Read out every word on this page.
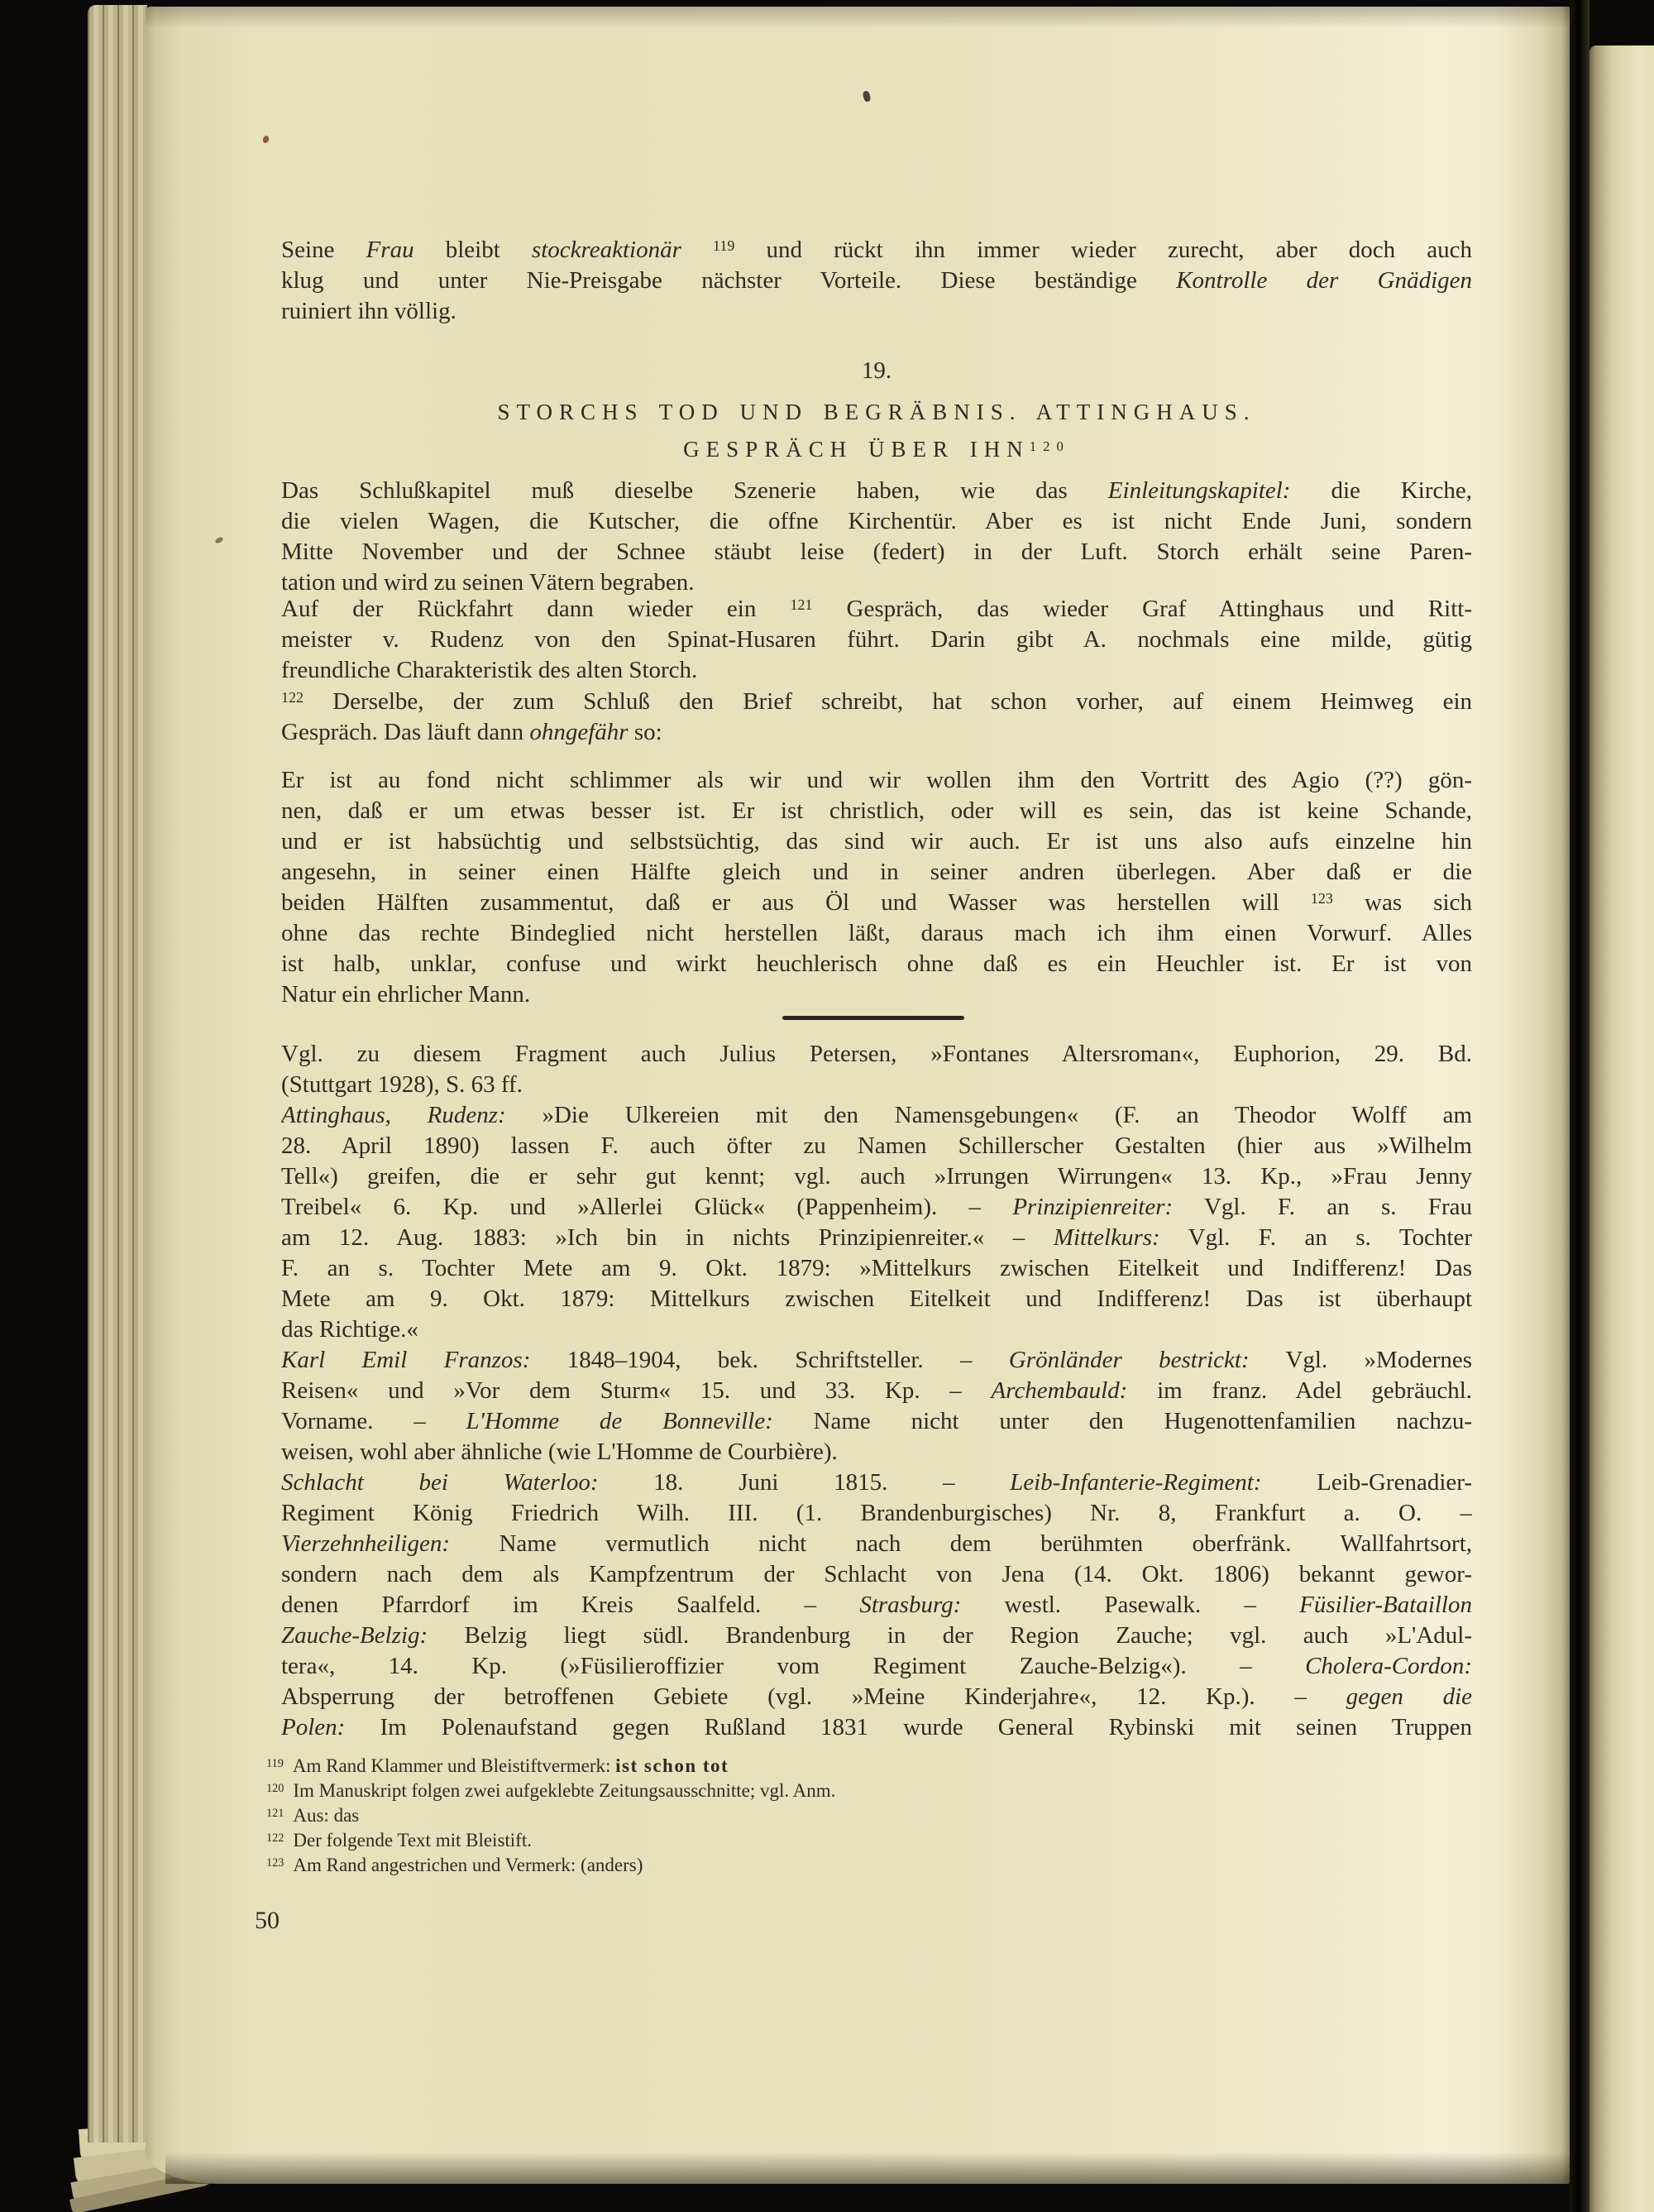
Seine Frau bleibt stockreaktionär $^{119}$ und rückt ihn immer wieder zurecht, aber doch auch
klug und unter Nie-Preisgabe nächster Vorteile. Diese beständige Kontrolle der Gnädigen
ruiniert ihn völlig.
19.
STORCHS TOD UND BEGRÄBNIS. ATTINGHAUS.
GESPRÄCH ÜBER IHN$^{120}$
Das Schlußkapitel muß dieselbe Szenerie haben, wie das Einleitungskapitel: die Kirche,
die vielen Wagen, die Kutscher, die offne Kirchentür. Aber es ist nicht Ende Juni, sondern
Mitte November und der Schnee stäubt leise (federt) in der Luft. Storch erhält seine Paren-
tation und wird zu seinen Vätern begraben.
Auf der Rückfahrt dann wieder ein $^{121}$ Gespräch, das wieder Graf Attinghaus und Ritt-
meister v. Rudenz von den Spinat-Husaren führt. Darin gibt A. nochmals eine milde, gütig
freundliche Charakteristik des alten Storch.
$^{122}$ Derselbe, der zum Schluß den Brief schreibt, hat schon vorher, auf einem Heimweg ein
Gespräch. Das läuft dann ohngefähr so:
Er ist au fond nicht schlimmer als wir und wir wollen ihm den Vortritt des Agio (??) gön-
nen, daß er um etwas besser ist. Er ist christlich, oder will es sein, das ist keine Schande,
und er ist habsüchtig und selbstsüchtig, das sind wir auch. Er ist uns also aufs einzelne hin
angesehn, in seiner einen Hälfte gleich und in seiner andren überlegen. Aber daß er die
beiden Hälften zusammentut, daß er aus Öl und Wasser was herstellen will $^{123}$ was sich
ohne das rechte Bindeglied nicht herstellen läßt, daraus mach ich ihm einen Vorwurf. Alles
ist halb, unklar, confuse und wirkt heuchlerisch ohne daß es ein Heuchler ist. Er ist von
Natur ein ehrlicher Mann.
Vgl. zu diesem Fragment auch Julius Petersen, »Fontanes Altersroman«, Euphorion, 29. Bd.
(Stuttgart 1928), S. 63 ff.
Attinghaus, Rudenz: »Die Ulkereien mit den Namensgebungen« (F. an Theodor Wolff am
28. April 1890) lassen F. auch öfter zu Namen Schillerscher Gestalten (hier aus »Wilhelm
Tell«) greifen, die er sehr gut kennt; vgl. auch »Irrungen Wirrungen« 13. Kp., »Frau Jenny
Treibel« 6. Kp. und »Allerlei Glück« (Pappenheim). – Prinzipienreiter: Vgl. F. an s. Frau
am 12. Aug. 1883: »Ich bin in nichts Prinzipienreiter.« – Mittelkurs: Vgl. F. an s. Tochter
F. an s. Tochter Mete am 9. Okt. 1879: »Mittelkurs zwischen Eitelkeit und Indifferenz! Das
Mete am 9. Okt. 1879: Mittelkurs zwischen Eitelkeit und Indifferenz! Das ist überhaupt
das Richtige.«
Karl Emil Franzos: 1848–1904, bek. Schriftsteller. – Grönländer bestrickt: Vgl. »Modernes
Reisen« und »Vor dem Sturm« 15. und 33. Kp. – Archembauld: im franz. Adel gebräuchl.
Vorname. – L'Homme de Bonneville: Name nicht unter den Hugenottenfamilien nachzu-
weisen, wohl aber ähnliche (wie L'Homme de Courbière).
Schlacht bei Waterloo: 18. Juni 1815. – Leib-Infanterie-Regiment: Leib-Grenadier-
Regiment König Friedrich Wilh. III. (1. Brandenburgisches) Nr. 8, Frankfurt a. O. –
Vierzehnheiligen: Name vermutlich nicht nach dem berühmten oberfränk. Wallfahrtsort,
sondern nach dem als Kampfzentrum der Schlacht von Jena (14. Okt. 1806) bekannt gewor-
denen Pfarrdorf im Kreis Saalfeld. – Strasburg: westl. Pasewalk. – Füsilier-Bataillon
Zauche-Belzig: Belzig liegt südl. Brandenburg in der Region Zauche; vgl. auch »L'Adul-
tera«, 14. Kp. (»Füsilieroffizier vom Regiment Zauche-Belzig«). – Cholera-Cordon:
Absperrung der betroffenen Gebiete (vgl. »Meine Kinderjahre«, 12. Kp.). – gegen die
Polen: Im Polenaufstand gegen Rußland 1831 wurde General Rybinski mit seinen Truppen
$^{119}$ Am Rand Klammer und Bleistiftvermerk: ist schon tot
$^{120}$ Im Manuskript folgen zwei aufgeklebte Zeitungsausschnitte; vgl. Anm.
$^{121}$ Aus: das
$^{122}$ Der folgende Text mit Bleistift.
$^{123}$ Am Rand angestrichen und Vermerk: (anders)
50
